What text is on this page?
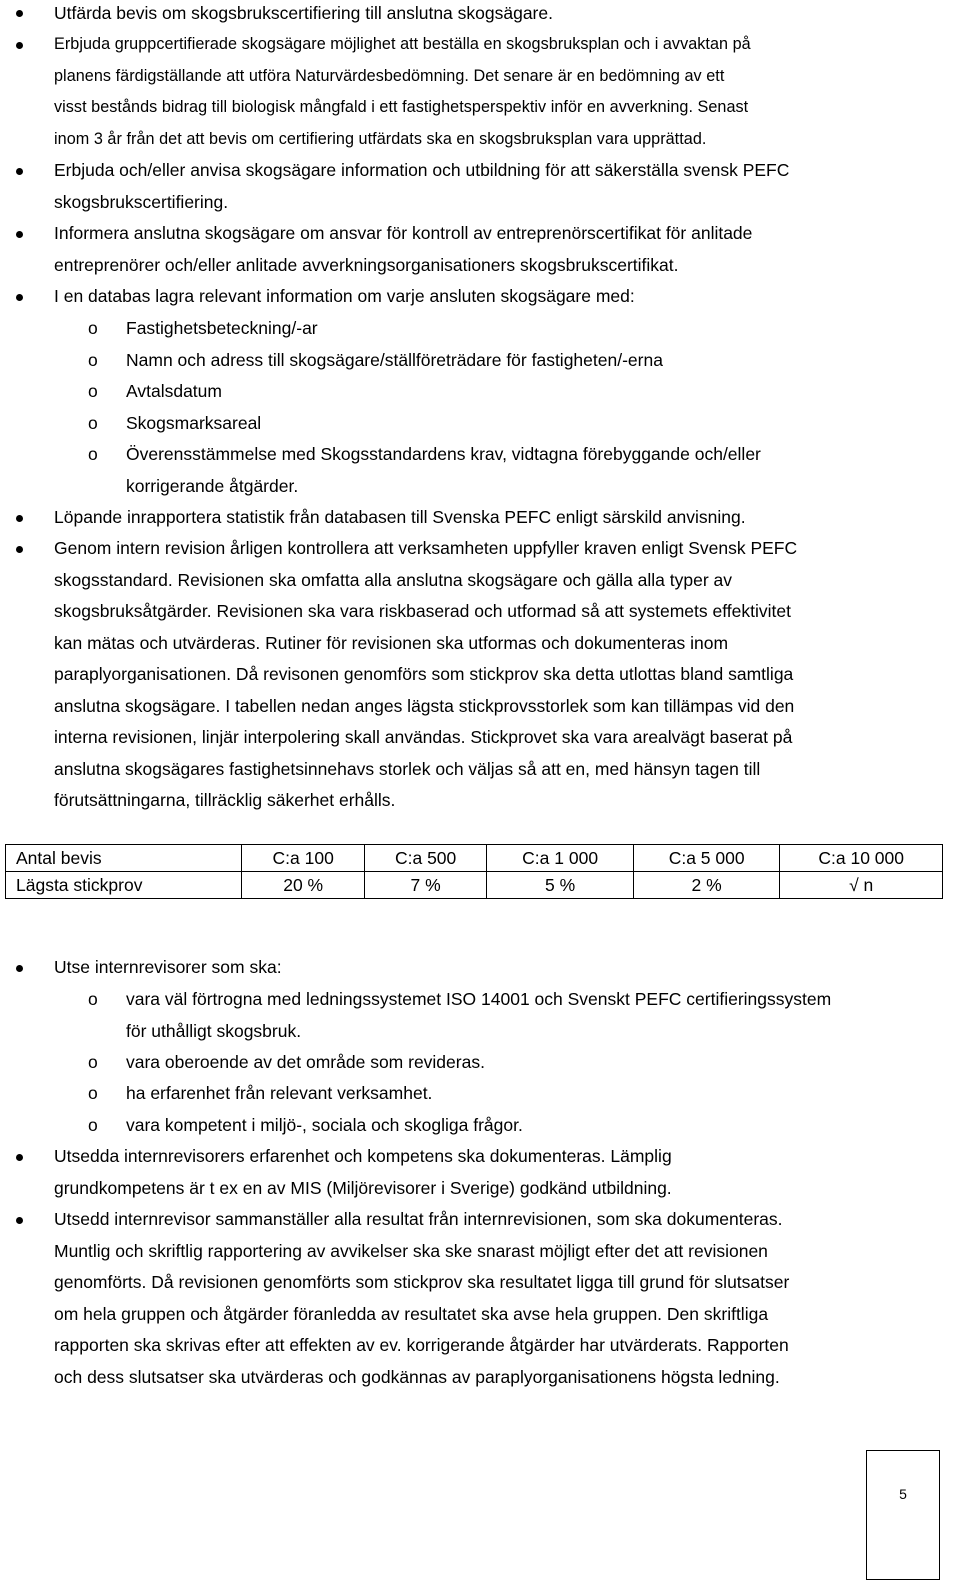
Utfärda bevis om skogsbrukscertifiering till anslutna skogsägare.
Erbjuda gruppcertifierade skogsägare möjlighet att beställa en skogsbruksplan och i avvaktan på
planens färdigställande att utföra Naturvärdesbedömning. Det senare är en bedömning av ett
visst bestånds bidrag till biologisk mångfald i ett fastighetsperspektiv inför en avverkning. Senast
inom 3 år från det att bevis om certifiering utfärdats ska en skogsbruksplan vara upprättad.
Erbjuda och/eller anvisa skogsägare information och utbildning för att säkerställa svensk PEFC
skogsbrukscertifiering.
Informera anslutna skogsägare om ansvar för kontroll av entreprenörscertifikat för anlitade
entreprenörer och/eller anlitade avverkningsorganisationers skogsbrukscertifikat.
I en databas lagra relevant information om varje ansluten skogsägare med:
o Fastighetsbeteckning/-ar
o Namn och adress till skogsägare/ställföreträdare för fastigheten/-erna
o Avtalsdatum
o Skogsmarksareal
o Överensstämmelse med Skogsstandardens krav, vidtagna förebyggande och/eller
korrigerande åtgärder.
Löpande inrapportera statistik från databasen till Svenska PEFC enligt särskild anvisning.
Genom intern revision årligen kontrollera att verksamheten uppfyller kraven enligt Svensk PEFC
skogsstandard. Revisionen ska omfatta alla anslutna skogsägare och gälla alla typer av
skogsbruksåtgärder. Revisionen ska vara riskbaserad och utformad så att systemets effektivitet
kan mätas och utvärderas. Rutiner för revisionen ska utformas och dokumenteras inom
paraplyorganisationen. Då revisonen genomförs som stickprov ska detta utlottas bland samtliga
anslutna skogsägare. I tabellen nedan anges lägsta stickprovsstorlek som kan tillämpas vid den
interna revisionen, linjär interpolering skall användas. Stickprovet ska vara arealvägt baserat på
anslutna skogsägares fastighetsinnehavs storlek och väljas så att en, med hänsyn tagen till
förutsättningarna, tillräcklig säkerhet erhålls.
Antal bevis	C:a 100	C:a 500	C:a 1 000	C:a 5 000	C:a 10 000
Lägsta stickprov	20 %	7 %	5 %	2 %	√ n
Utse internrevisorer som ska:
o vara väl förtrogna med ledningssystemet ISO 14001 och Svenskt PEFC certifieringssystem
för uthålligt skogsbruk.
o vara oberoende av det område som revideras.
o ha erfarenhet från relevant verksamhet.
o vara kompetent i miljö-, sociala och skogliga frågor.
Utsedda internrevisorers erfarenhet och kompetens ska dokumenteras. Lämplig
grundkompetens är t ex en av MIS (Miljörevisorer i Sverige) godkänd utbildning.
Utsedd internrevisor sammanställer alla resultat från internrevisionen, som ska dokumenteras.
Muntlig och skriftlig rapportering av avvikelser ska ske snarast möjligt efter det att revisionen
genomförts. Då revisionen genomförts som stickprov ska resultatet ligga till grund för slutsatser
om hela gruppen och åtgärder föranledda av resultatet ska avse hela gruppen. Den skriftliga
rapporten ska skrivas efter att effekten av ev. korrigerande åtgärder har utvärderats. Rapporten
och dess slutsatser ska utvärderas och godkännas av paraplyorganisationens högsta ledning.
5
